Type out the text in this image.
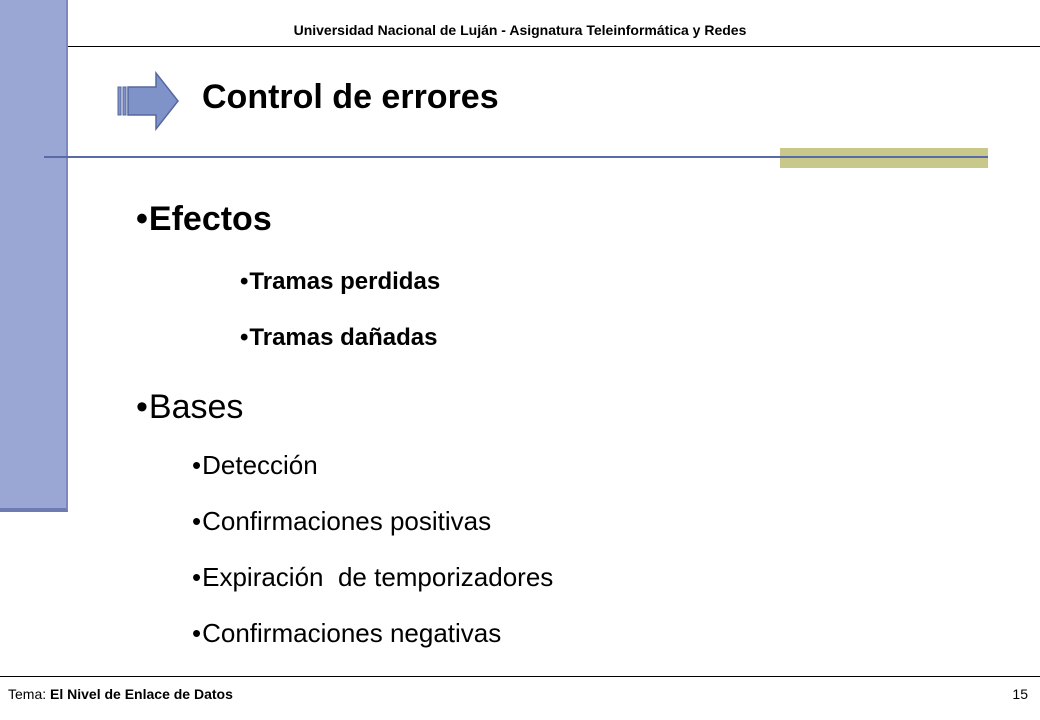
Universidad Nacional de Luján - Asignatura Teleinformática y Redes
Control de errores
•Efectos
•Tramas perdidas
•Tramas dañadas
•Bases
•Detección
•Confirmaciones positivas
•Expiración  de temporizadores
•Confirmaciones negativas
Tema: El Nivel de Enlace de Datos	15
